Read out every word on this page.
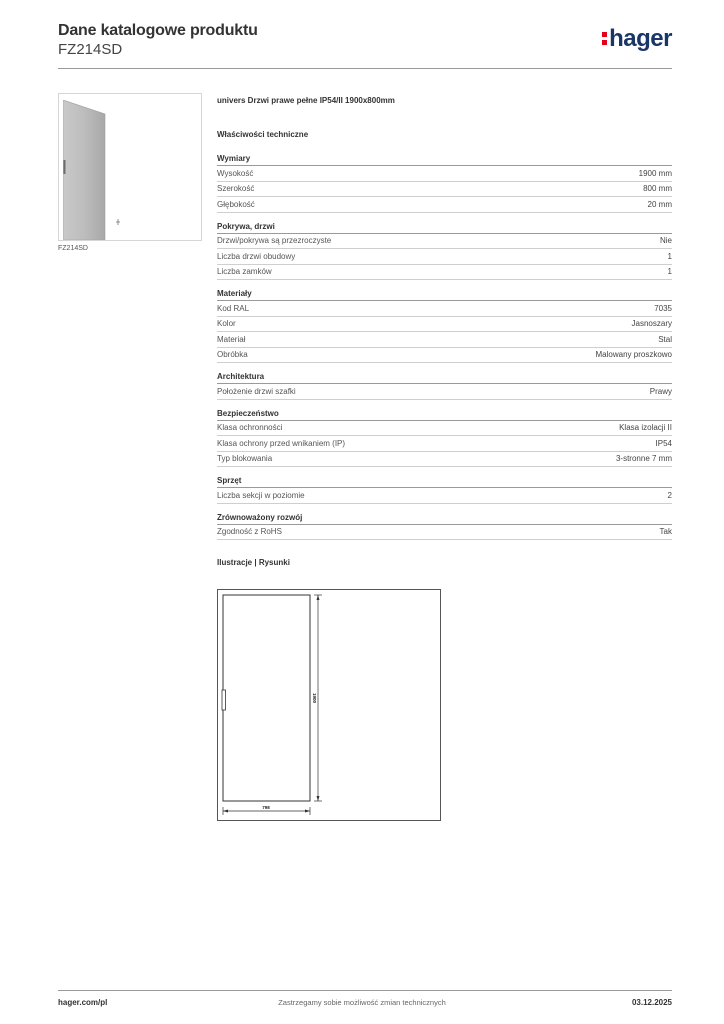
Dane katalogowe produktu
FZ214SD	hager
FZ214SD
univers Drzwi prawe pełne IP54/II 1900x800mm
Właściwości techniczne
Wymiary
Wysokość	1900 mm
Szerokość	800 mm
Głębokość	20 mm
Pokrywa, drzwi
Drzwi/pokrywa są przezroczyste	Nie
Liczba drzwi obudowy	1
Liczba zamków	1
Materiały
Kod RAL	7035
Kolor	Jasnoszary
Materiał	Stal
Obróbka	Malowany proszkowo
Architektura
Położenie drzwi szafki	Prawy
Bezpieczeństwo
Klasa ochronności	Klasa izolacji II
Klasa ochrony przed wnikaniem (IP)	IP54
Typ blokowania	3-stronne 7 mm
Sprzęt
Liczba sekcji w poziomie	2
Zrównoważony rozwój
Zgodność z RoHS	Tak
Ilustracje | Rysunki
1900
798
hager.com/pl	Zastrzegamy sobie możliwość zmian technicznych	03.12.2025
